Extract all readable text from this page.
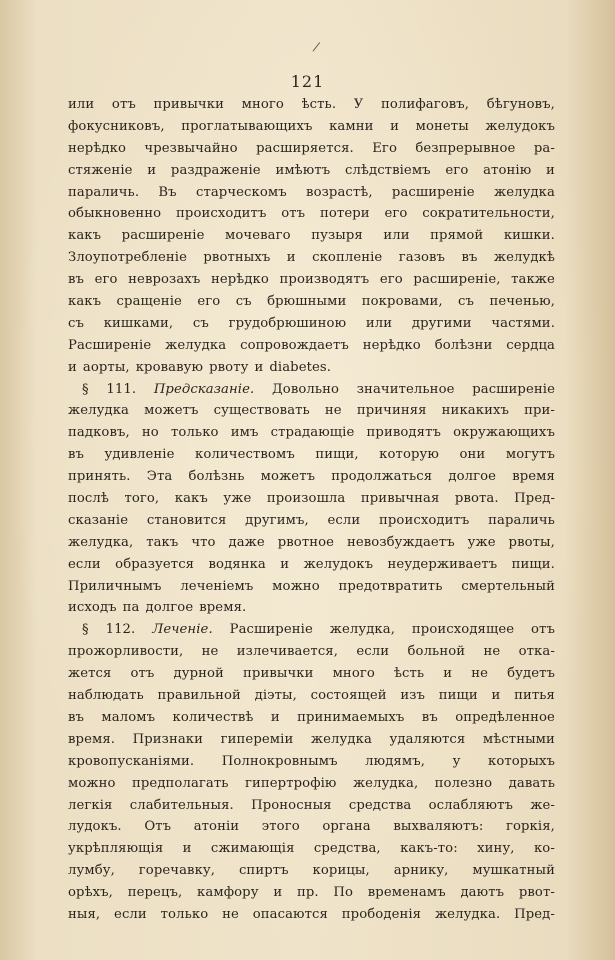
/
121
или отъ привычки много ѣсть. У полифаговъ, бѣгуновъ,
фокусниковъ, проглатывающихъ камни и монеты желудокъ
нерѣдко чрезвычайно расширяется. Его безпрерывное ра-
стяженіе и раздраженіе имѣютъ слѣдствіемъ его атонію и
параличь. Въ старческомъ возрастѣ, расширеніе желудка
обыкновенно происходитъ отъ потери его сократительности,
какъ расширеніе мочеваго пузыря или прямой кишки.
Злоупотребленіе рвотныхъ и скопленіе газовъ въ желудкѣ
въ его неврозахъ нерѣдко производятъ его расширеніе, также
какъ сращеніе его съ брюшными покровами, съ печенью,
съ кишками, съ грудобрюшиною или другими частями.
Расширеніе желудка сопровождаетъ нерѣдко болѣзни сердца
и аорты, кровавую рвоту и diabetes.
§ 111. Предсказаніе. Довольно значительное расширеніе
желудка можетъ существовать не причиняя никакихъ при-
падковъ, но только имъ страдающіе приводятъ окружающихъ
въ удивленіе количествомъ пищи, которую они могутъ
принять. Эта болѣзнь можетъ продолжаться долгое время
послѣ того, какъ уже произошла привычная рвота. Пред-
сказаніе становится другимъ, если происходитъ параличь
желудка, такъ что даже рвотное невозбуждаетъ уже рвоты,
если образуется водянка и желудокъ неудерживаетъ пищи.
Приличнымъ леченіемъ можно предотвратить смертельный
исходъ па долгое время.
§ 112. Леченіе. Расширеніе желудка, происходящее отъ
прожорливости, не излечивается, если больной не отка-
жется отъ дурной привычки много ѣсть и не будетъ
наблюдать правильной діэты, состоящей изъ пищи и питья
въ маломъ количествѣ и принимаемыхъ въ опредѣленное
время. Признаки гипереміи желудка удаляются мѣстными
кровопусканіями. Полнокровнымъ людямъ, у которыхъ
можно предполагать гипертрофію желудка, полезно давать
легкія слабительныя. Проносныя средства ослабляютъ же-
лудокъ. Отъ атоніи этого органа выхваляютъ: горкія,
укрѣпляющія и сжимающія средства, какъ-то: хину, ко-
лумбу, горечавку, спиртъ корицы, арнику, мушкатный
орѣхъ, перецъ, камфору и пр. По временамъ даютъ рвот-
ныя, если только не опасаются прободенія желудка. Пред-
